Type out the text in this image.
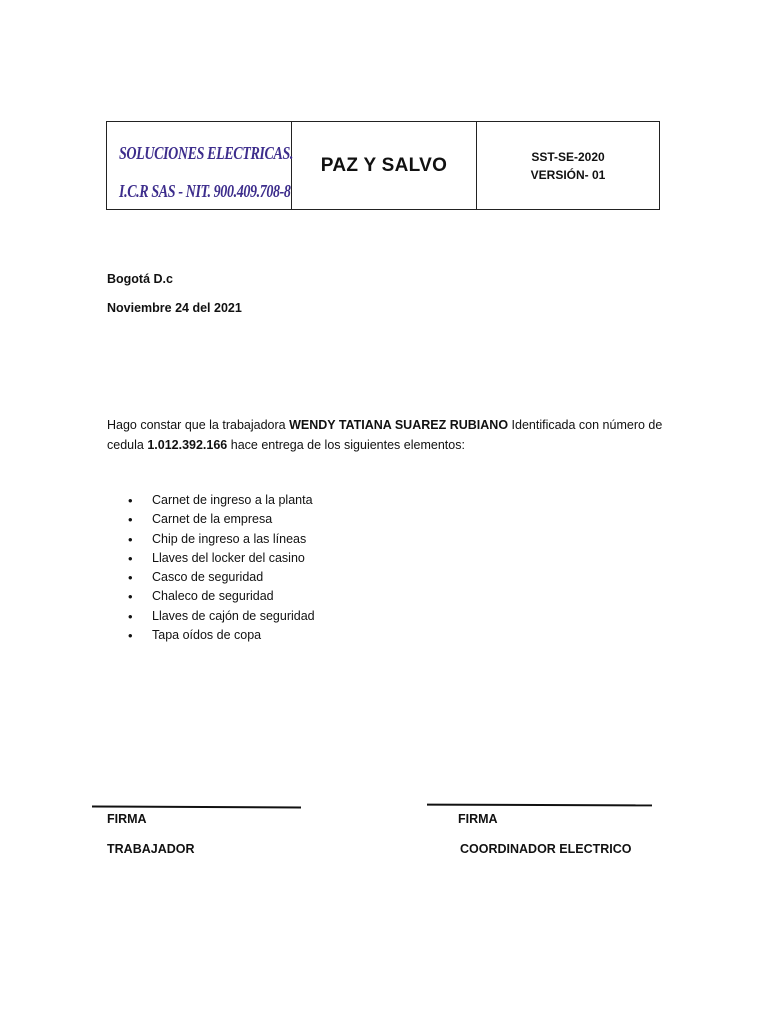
SOLUCIONES ELECTRICAS.
I.C.R SAS - NIT. 900.409.708-8
PAZ Y SALVO	SST-SE-2020
VERSIÓN- 01
Bogotá D.c
Noviembre 24 del 2021
Hago constar que la trabajadora WENDY TATIANA SUAREZ RUBIANO Identificada con número de cedula 1.012.392.166 hace entrega de los siguientes elementos:
• Carnet de ingreso a la planta
• Carnet de la empresa
• Chip de ingreso a las líneas
• Llaves del locker del casino
• Casco de seguridad
• Chaleco de seguridad
• Llaves de cajón de seguridad
• Tapa oídos de copa
FIRMA
TRABAJADOR
FIRMA
COORDINADOR ELECTRICO
